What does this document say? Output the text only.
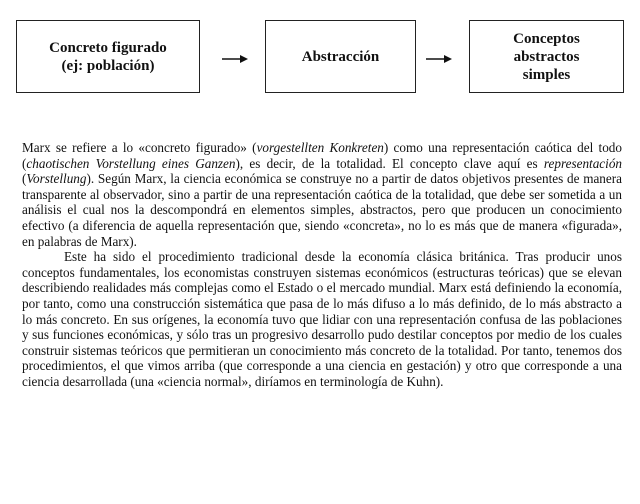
Concreto figurado
(ej: población)
Abstracción
Conceptos
abstractos
simples

Marx se refiere a lo «concreto figurado» (vorgestellten Konkreten) como una representación caótica del todo (chaotischen Vorstellung eines Ganzen), es decir, de la totalidad. El concepto clave aquí es representación (Vorstellung). Según Marx, la ciencia económica se construye no a partir de datos objetivos presentes de manera transparente al observador, sino a partir de una representación caótica de la totalidad, que debe ser sometida a un análisis el cual nos la descompondrá en elementos simples, abstractos, pero que producen un conocimiento efectivo (a diferencia de aquella representación que, siendo «concreta», no lo es más que de manera «figurada», en palabras de Marx).

Este ha sido el procedimiento tradicional desde la economía clásica británica. Tras producir unos conceptos fundamentales, los economistas construyen sistemas económicos (estructuras teóricas) que se elevan describiendo realidades más complejas como el Estado o el mercado mundial. Marx está definiendo la economía, por tanto, como una construcción sistemática que pasa de lo más difuso a lo más definido, de lo más abstracto a lo más concreto. En sus orígenes, la economía tuvo que lidiar con una representación confusa de las poblaciones y sus funciones económicas, y sólo tras un progresivo desarrollo pudo destilar conceptos por medio de los cuales construir sistemas teóricos que permitieran un conocimiento más concreto de la totalidad. Por tanto, tenemos dos procedimientos, el que vimos arriba (que corresponde a una ciencia en gestación) y otro que corresponde a una ciencia desarrollada (una «ciencia normal», diríamos en terminología de Kuhn).
